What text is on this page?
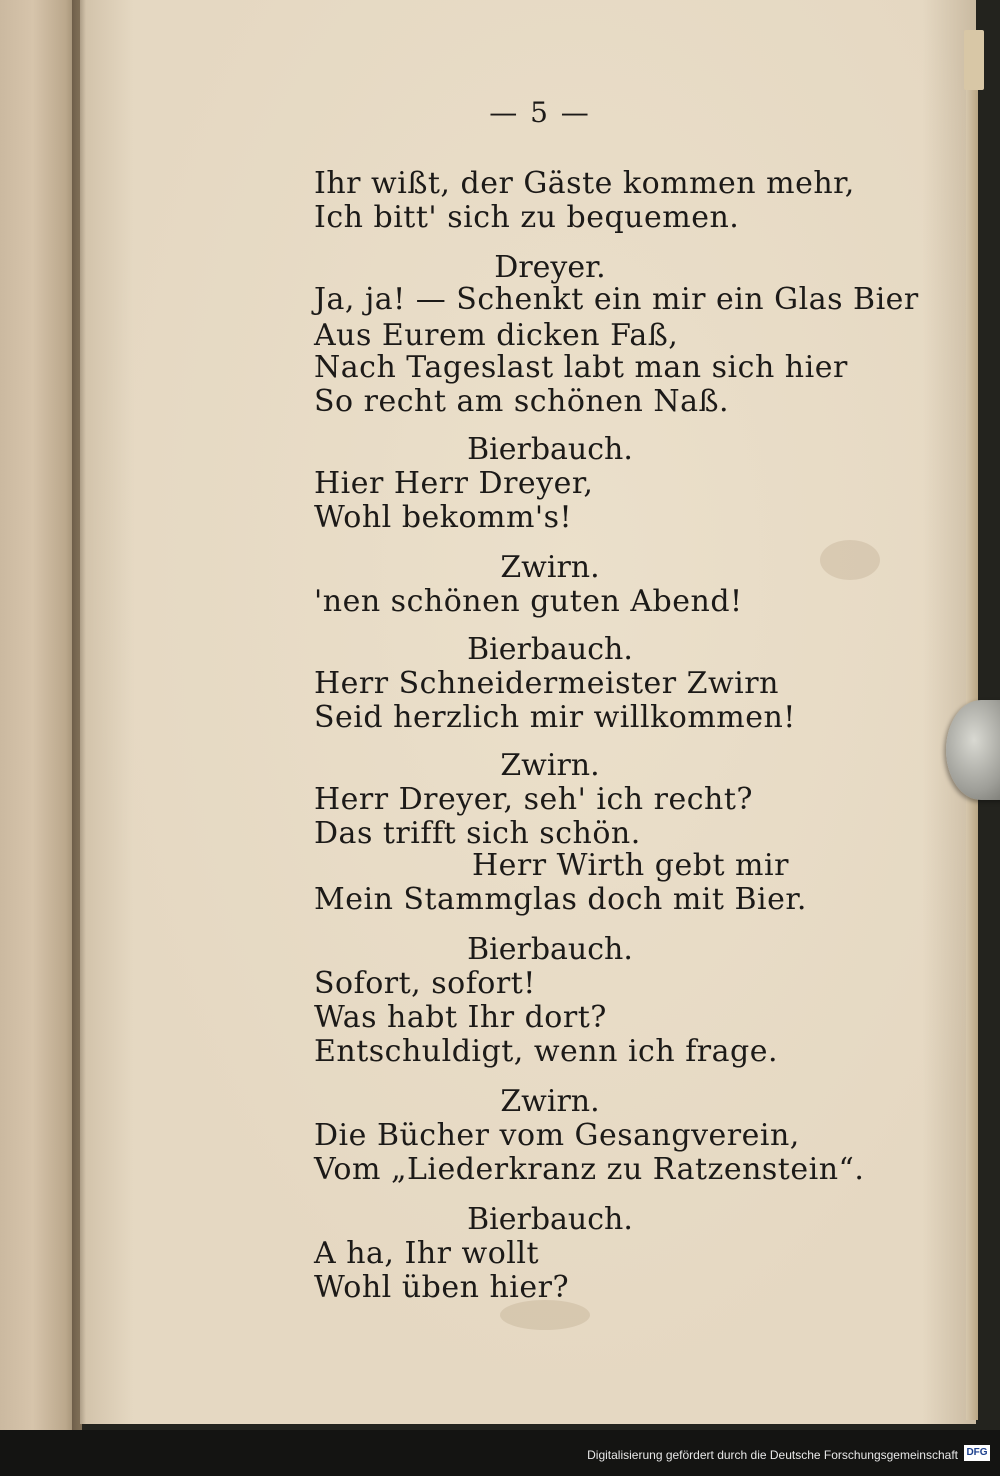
— 5 —
Ihr wißt, der Gäste kommen mehr,
Ich bitt' sich zu bequemen.
Dreyer.
Ja, ja! — Schenkt ein mir ein Glas Bier
Aus Eurem dicken Faß,
Nach Tageslast labt man sich hier
So recht am schönen Naß.
Bierbauch.
Hier Herr Dreyer,
Wohl bekomm's!
Zwirn.
'nen schönen guten Abend!
Bierbauch.
Herr Schneidermeister Zwirn
Seid herzlich mir willkommen!
Zwirn.
Herr Dreyer, seh' ich recht?
Das trifft sich schön.
Herr Wirth gebt mir
Mein Stammglas doch mit Bier.
Bierbauch.
Sofort, sofort!
Was habt Ihr dort?
Entschuldigt, wenn ich frage.
Zwirn.
Die Bücher vom Gesangverein,
Vom „Liederkranz zu Ratzenstein“.
Bierbauch.
A ha, Ihr wollt
Wohl üben hier?
Digitalisierung gefördert durch die Deutsche Forschungsgemeinschaft DFG
